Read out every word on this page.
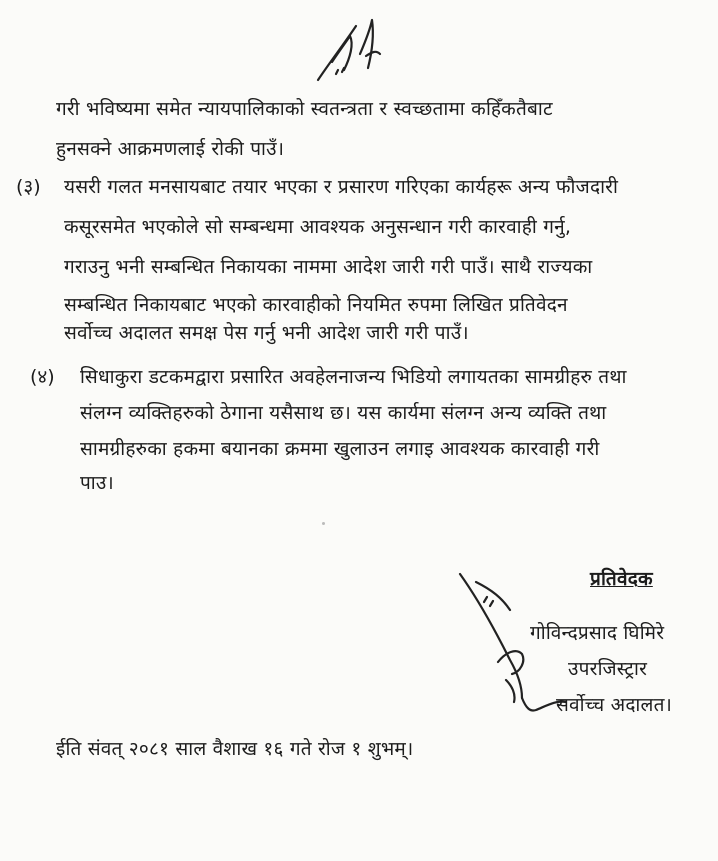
गरी भविष्यमा समेत न्यायपालिकाको स्वतन्त्रता र स्वच्छतामा कहिँकतैबाट
हुनसक्ने आक्रमणलाई रोकी पाउँ।
(३) यसरी गलत मनसायबाट तयार भएका र प्रसारण गरिएका कार्यहरू अन्य फौजदारी
कसूरसमेत भएकोले सो सम्बन्धमा आवश्यक अनुसन्धान गरी कारवाही गर्नु,
गराउनु भनी सम्बन्धित निकायका नाममा आदेश जारी गरी पाउँ। साथै राज्यका
सम्बन्धित निकायबाट भएको कारवाहीको नियमित रुपमा लिखित प्रतिवेदन
सर्वोच्च अदालत समक्ष पेस गर्नु भनी आदेश जारी गरी पाउँ।
(४) सिधाकुरा डटकमद्वारा प्रसारित अवहेलनाजन्य भिडियो लगायतका सामग्रीहरु तथा
संलग्न व्यक्तिहरुको ठेगाना यसैसाथ छ। यस कार्यमा संलग्न अन्य व्यक्ति तथा
सामग्रीहरुका हकमा बयानका क्रममा खुलाउन लगाइ आवश्यक कारवाही गरी
पाउ।
प्रतिवेदक
गोविन्दप्रसाद घिमिरे
उपरजिस्ट्रार
सर्वोच्च अदालत।
ईति संवत् २०८१ साल वैशाख १६ गते रोज १ शुभम्।
